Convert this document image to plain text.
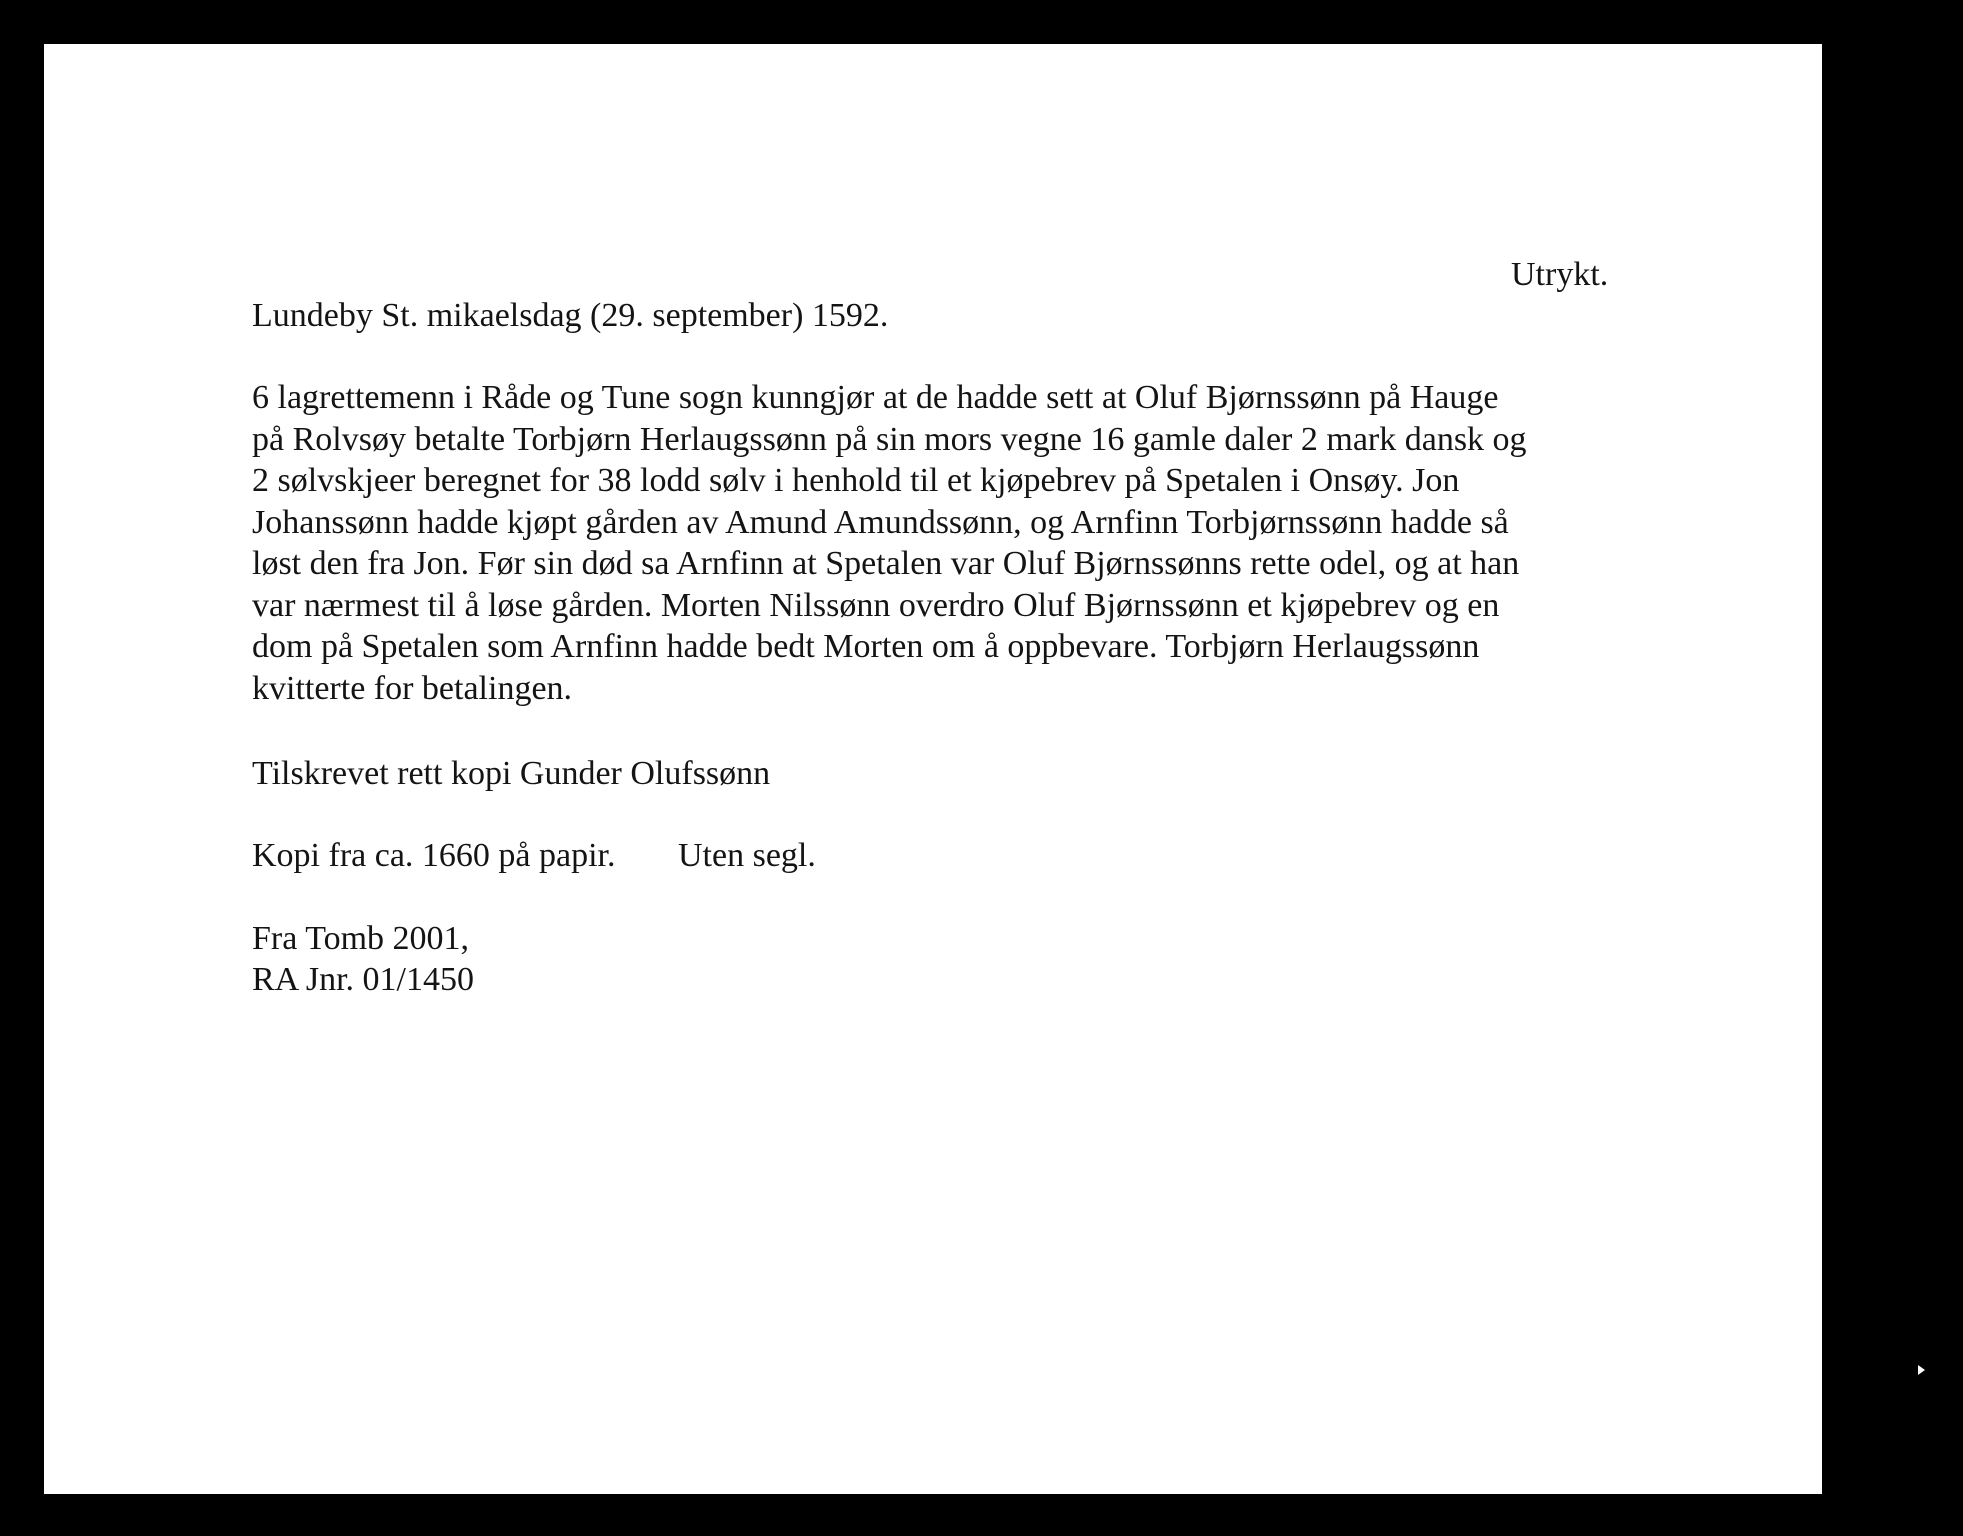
Utrykt.
Lundeby St. mikaelsdag (29. september) 1592.
6 lagrettemenn i Råde og Tune sogn kunngjør at de hadde sett at Oluf Bjørnssønn på Hauge
på Rolvsøy betalte Torbjørn Herlaugssønn på sin mors vegne 16 gamle daler 2 mark dansk og
2 sølvskjeer beregnet for 38 lodd sølv i henhold til et kjøpebrev på Spetalen i Onsøy. Jon
Johanssønn hadde kjøpt gården av Amund Amundssønn, og Arnfinn Torbjørnssønn hadde så
løst den fra Jon. Før sin død sa Arnfinn at Spetalen var Oluf Bjørnssønns rette odel, og at han
var nærmest til å løse gården. Morten Nilssønn overdro Oluf Bjørnssønn et kjøpebrev og en
dom på Spetalen som Arnfinn hadde bedt Morten om å oppbevare. Torbjørn Herlaugssønn
kvitterte for betalingen.
Tilskrevet rett kopi Gunder Olufssønn
Kopi fra ca. 1660 på papir. Uten segl.
Fra Tomb 2001,
RA Jnr. 01/1450
